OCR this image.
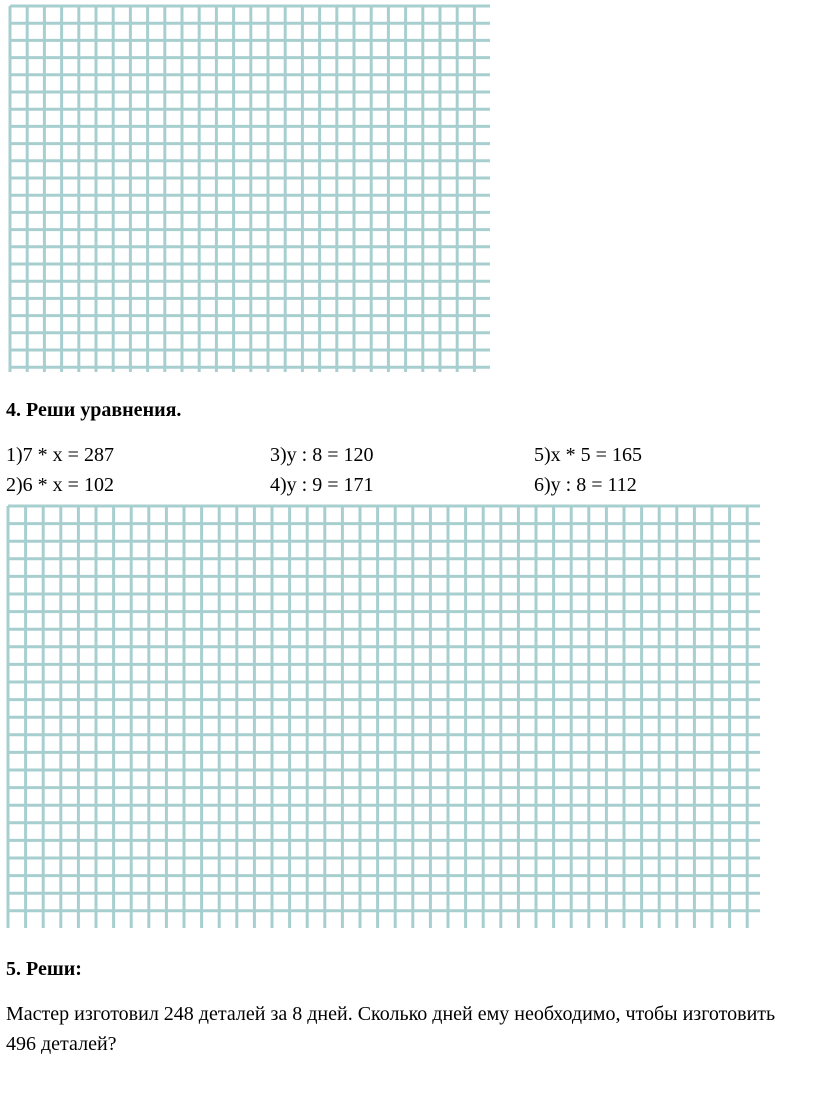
4. Реши уравнения.
1)7 * x = 287
2)6 * x = 102
3)y : 8 = 120
4)y : 9 = 171
5)x * 5 = 165
6)y : 8 = 112
5. Реши:

Мастер изготовил 248 деталей за 8 дней. Сколько дней ему необходимо, чтобы изготовить 496 деталей?
